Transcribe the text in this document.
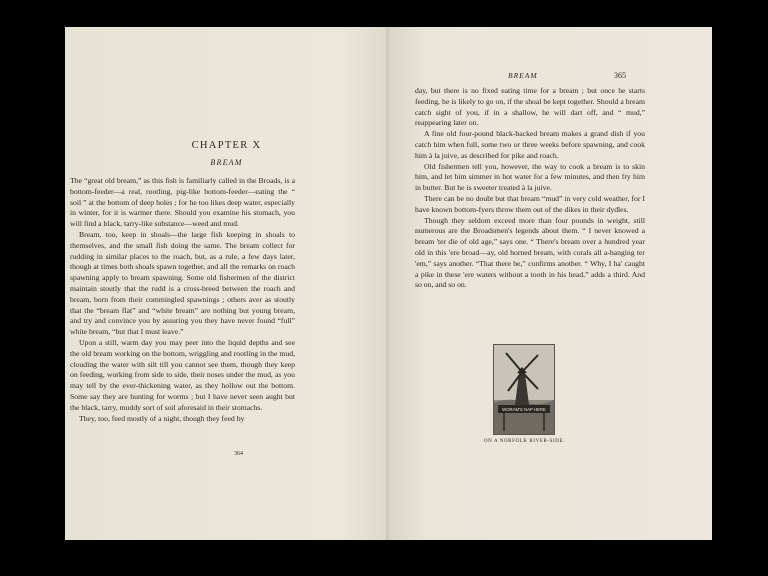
CHAPTER X
BREAM

The “great old bream,” as this fish is familiarly called in the Broads, is a bottom-feeder—a real, rootling, pig-like bottom-feeder—eating the “ soil ” at the bottom of deep holes ; for he too likes deep water, especially in winter, for it is warmer there. Should you examine his stomach, you will find a black, tarry-like substance—weed and mud.

Bream, too, keep in shoals—the large fish keeping in shoals to themselves, and the small fish doing the same. The bream collect for rudding in similar places to the roach, but, as a rule, a few days later, though at times both shoals spawn together, and all the remarks on roach spawning apply to bream spawning. Some old fishermen of the district maintain stoutly that the rudd is a cross-breed between the roach and bream, born from their commingled spawnings ; others aver as stoutly that the “bream flat” and “white bream” are nothing but young bream, and try and convince you by assuring you they have never found “full” white bream, “but that I must leave.”

Upon a still, warm day you may peer into the liquid depths and see the old bream working on the bottom, wriggling and rootling in the mud, clouding the water with silt till you cannot see them, though they keep on feeding, working from side to side, their noses under the mud, as you may tell by the ever-thickening water, as they hollow out the bottom. Some say they are hunting for worms ; but I have never seen aught but the black, tarry, muddy sort of soil aforesaid in their stomachs.

They, too, feed mostly of a night, though they feed by

364
BREAM	365

day, but there is no fixed eating time for a bream ; but once he starts feeding, he is likely to go on, if the shoal be kept together. Should a bream catch sight of you, if in a shallow, he will dart off, and “ mud,” reappearing later on.

A fine old four-pound black-backed bream makes a grand dish if you catch him when full, some two or three weeks before spawning, and cook him à la juive, as described for pike and roach.

Old fishermen tell you, however, the way to cook a bream is to skin him, and let him simmer in hot water for a few minutes, and then fry him in butter. But he is sweeter treated à la juive.

There can be no doubt but that bream “mud” in very cold weather, for I have known bottom-fyers throw them out of the dikes in their dydles.

Though they seldom exceed more than four pounds in weight, still numerous are the Broadsmen's legends about them. “ I never knowed a bream 'ter die of old age,” says one. “ There's bream over a hundred year old in this 'ere broad—ay, old horned bream, with corals all a-hanging ter 'em,” says another. “That there be,” confirms another. “ Why, I ha' caught a pike in these 'ere waters without a tooth in his head,” adds a third. And so on, and so on.

WORAM'S NAP HERE
ON A NORFOLK RIVER-SIDE.
